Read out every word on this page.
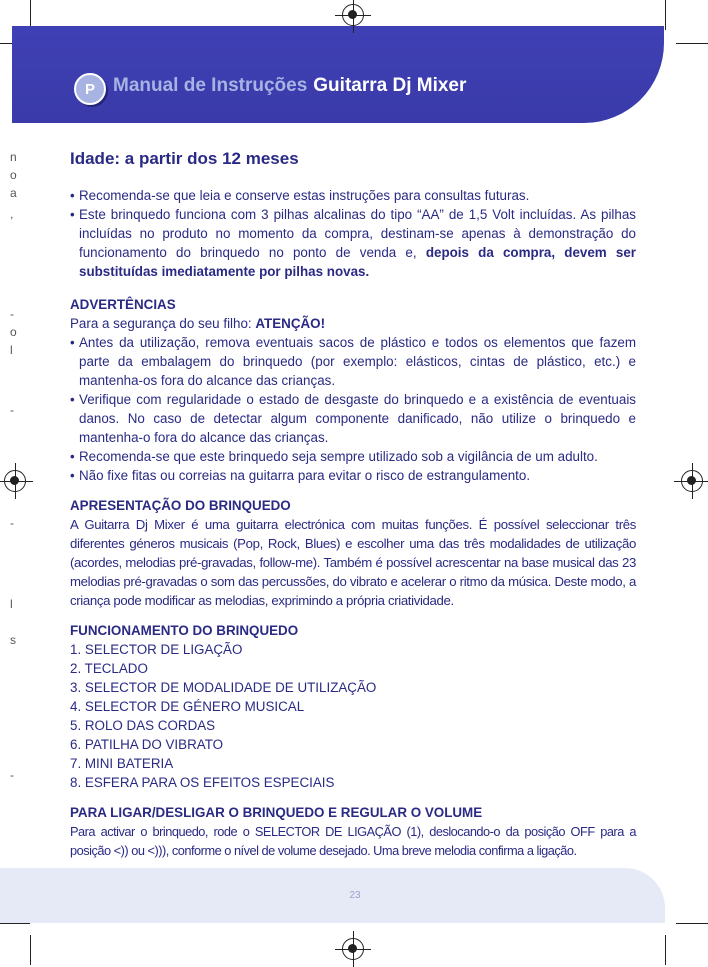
P Manual de Instruções Guitarra Dj Mixer
n
o
a
,
-
o
l
-
-
l
s
-
Idade: a partir dos 12 meses
• Recomenda-se que leia e conserve estas instruções para consultas futuras.
• Este brinquedo funciona com 3 pilhas alcalinas do tipo “AA” de 1,5 Volt incluídas. As pilhas incluídas no produto no momento da compra, destinam-se apenas à demonstração do funcionamento do brinquedo no ponto de venda e, depois da compra, devem ser substituídas imediatamente por pilhas novas.
ADVERTÊNCIAS
Para a segurança do seu filho: ATENÇÃO!
• Antes da utilização, remova eventuais sacos de plástico e todos os elementos que fazem parte da embalagem do brinquedo (por exemplo: elásticos, cintas de plástico, etc.) e mantenha-os fora do alcance das crianças.
• Verifique com regularidade o estado de desgaste do brinquedo e a existência de eventuais danos. No caso de detectar algum componente danificado, não utilize o brinquedo e mantenha-o fora do alcance das crianças.
• Recomenda-se que este brinquedo seja sempre utilizado sob a vigilância de um adulto.
• Não fixe fitas ou correias na guitarra para evitar o risco de estrangulamento.
APRESENTAÇÃO DO BRINQUEDO
A Guitarra Dj Mixer é uma guitarra electrónica com muitas funções. É possível seleccionar três diferentes géneros musicais (Pop, Rock, Blues) e escolher uma das três modalidades de utilização (acordes, melodias pré-gravadas, follow-me). Também é possível acrescentar na base musical das 23 melodias pré-gravadas o som das percussões, do vibrato e acelerar o ritmo da música. Deste modo, a criança pode modificar as melodias, exprimindo a própria criatividade.
FUNCIONAMENTO DO BRINQUEDO
1. SELECTOR DE LIGAÇÃO
2. TECLADO
3. SELECTOR DE MODALIDADE DE UTILIZAÇÃO
4. SELECTOR DE GÉNERO MUSICAL
5. ROLO DAS CORDAS
6. PATILHA DO VIBRATO
7. MINI BATERIA
8. ESFERA PARA OS EFEITOS ESPECIAIS
PARA LIGAR/DESLIGAR O BRINQUEDO E REGULAR O VOLUME
Para activar o brinquedo, rode o SELECTOR DE LIGAÇÃO (1), deslocando-o da posição OFF para a posição <)) ou <))), conforme o nível de volume desejado. Uma breve melodia confirma a ligação.
23
